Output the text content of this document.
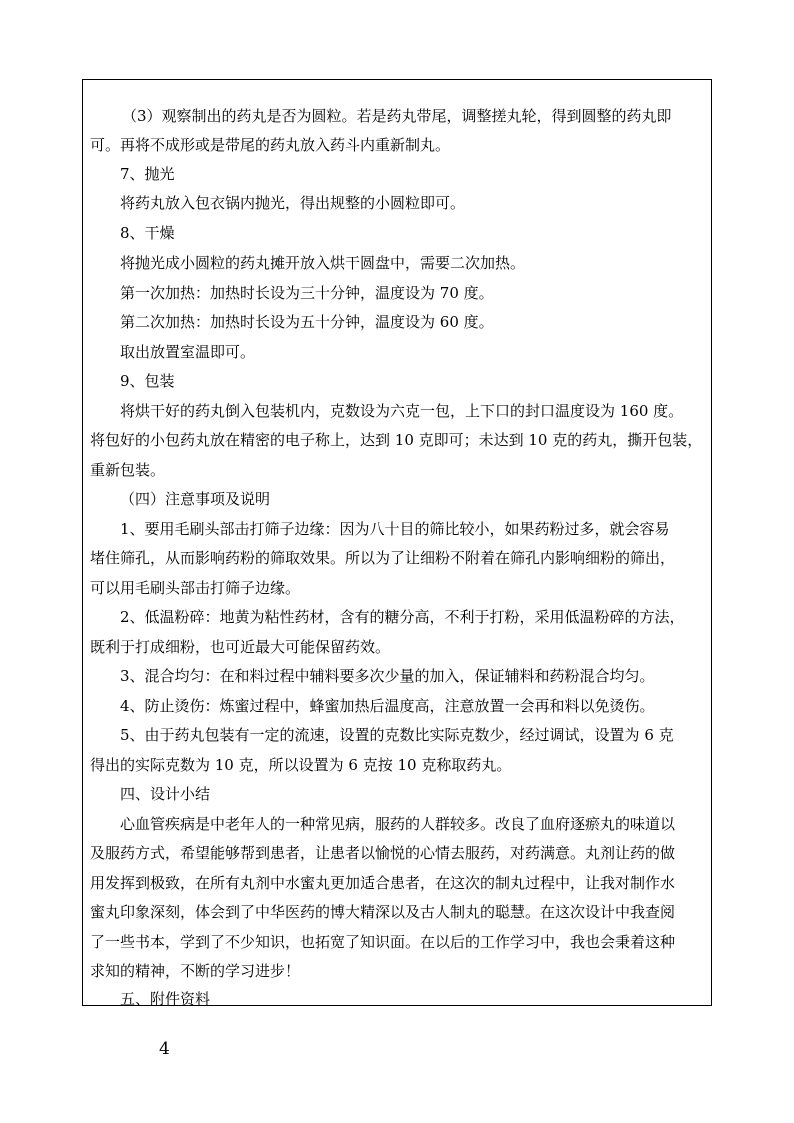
（3）观察制出的药丸是否为圆粒。若是药丸带尾，调整搓丸轮，得到圆整的药丸即
可。再将不成形或是带尾的药丸放入药斗内重新制丸。
7、抛光
将药丸放入包衣锅内抛光，得出规整的小圆粒即可。
8、干燥
将抛光成小圆粒的药丸摊开放入烘干圆盘中，需要二次加热。
第一次加热：加热时长设为三十分钟，温度设为 70 度。
第二次加热：加热时长设为五十分钟，温度设为 60 度。
取出放置室温即可。
9、包装
将烘干好的药丸倒入包装机内，克数设为六克一包，上下口的封口温度设为 160 度。
将包好的小包药丸放在精密的电子称上，达到 10 克即可；未达到 10 克的药丸，撕开包装，
重新包装。
（四）注意事项及说明
1、要用毛刷头部击打筛子边缘：因为八十目的筛比较小，如果药粉过多，就会容易
堵住筛孔，从而影响药粉的筛取效果。所以为了让细粉不附着在筛孔内影响细粉的筛出，
可以用毛刷头部击打筛子边缘。
2、低温粉碎：地黄为粘性药材，含有的糖分高，不利于打粉，采用低温粉碎的方法，
既利于打成细粉，也可近最大可能保留药效。
3、混合均匀：在和料过程中辅料要多次少量的加入，保证辅料和药粉混合均匀。
4、防止烫伤：炼蜜过程中，蜂蜜加热后温度高，注意放置一会再和料以免烫伤。
5、由于药丸包装有一定的流速，设置的克数比实际克数少，经过调试，设置为 6 克
得出的实际克数为 10 克，所以设置为 6 克按 10 克称取药丸。
四、设计小结
心血管疾病是中老年人的一种常见病，服药的人群较多。改良了血府逐瘀丸的味道以
及服药方式，希望能够帮到患者，让患者以愉悦的心情去服药，对药满意。丸剂让药的做
用发挥到极致，在所有丸剂中水蜜丸更加适合患者，在这次的制丸过程中，让我对制作水
蜜丸印象深刻，体会到了中华医药的博大精深以及古人制丸的聪慧。在这次设计中我查阅
了一些书本，学到了不少知识，也拓宽了知识面。在以后的工作学习中，我也会秉着这种
求知的精神，不断的学习进步！
五、附件资料
4
